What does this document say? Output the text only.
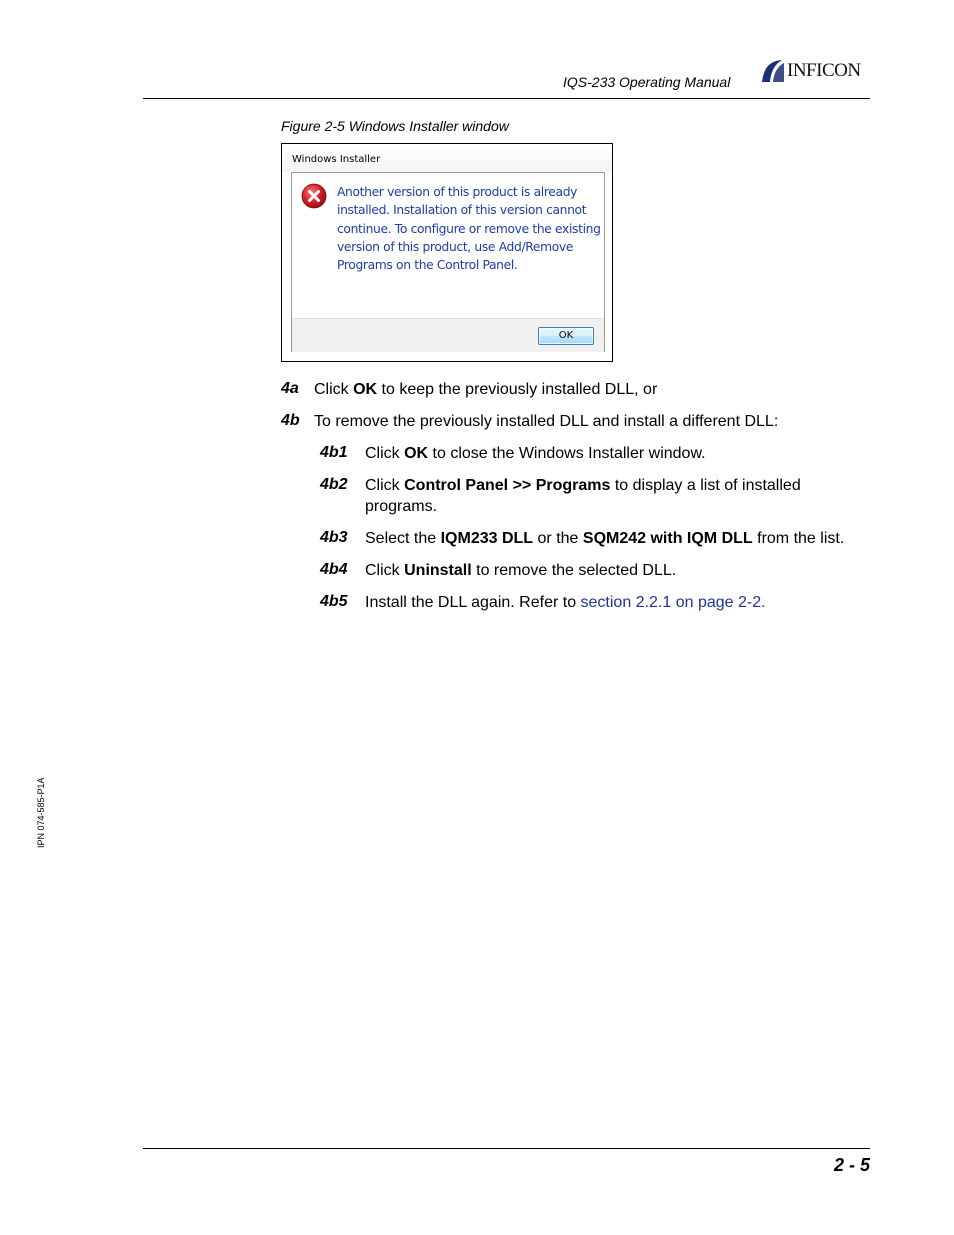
IQS-233 Operating Manual
INFICON
Figure 2-5 Windows Installer window
Windows Installer
Another version of this product is already installed. Installation of this version cannot continue. To configure or remove the existing version of this product, use Add/Remove Programs on the Control Panel.
OK
4a Click OK to keep the previously installed DLL, or
4b To remove the previously installed DLL and install a different DLL:
4b1 Click OK to close the Windows Installer window.
4b2 Click Control Panel >> Programs to display a list of installed programs.
4b3 Select the IQM233 DLL or the SQM242 with IQM DLL from the list.
4b4 Click Uninstall to remove the selected DLL.
4b5 Install the DLL again. Refer to section 2.2.1 on page 2-2.
IPN 074-585-P1A
2 - 5
